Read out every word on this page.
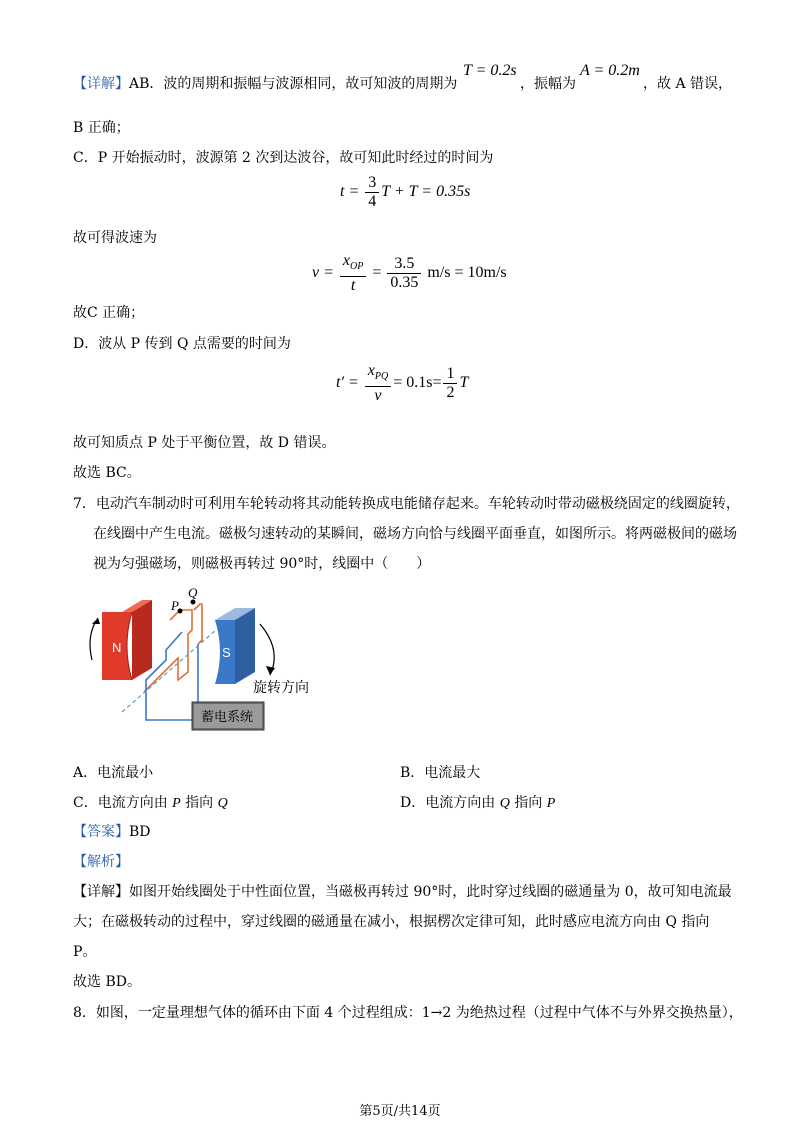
【详解】AB．波的周期和振幅与波源相同，故可知波的周期为
T = 0.2s
，振幅为
A = 0.2m
，故 A 错误，
B 正确；
C．P 开始振动时，波源第 2 次到达波谷，故可知此时经过的时间为
$t = \frac{3}{4}$ T + T = 0.35s
故可得波速为
$v = \frac{x_{OP}}{t} = \frac{3.5}{0.35} m/s = 10m/s$
故C 正确；
D．波从 P 传到 Q 点需要的时间为
$t' = \frac{x_{PQ}}{v} = 0.1s= \frac{1}{2}$ T
故可知质点 P 处于平衡位置，故 D 错误。
故选 BC。
7．电动汽车制动时可利用车轮转动将其动能转换成电能储存起来。车轮转动时带动磁极绕固定的线圈旋转，
在线圈中产生电流。磁极匀速转动的某瞬间，磁场方向恰与线圈平面垂直，如图所示。将两磁极间的磁场
视为匀强磁场，则磁极再转过 90°时，线圈中（　　）
N	S
P
Q
旋转方向
蓄电系统
A．电流最小	B．电流最大
C．电流方向由 P 指向 Q	D．电流方向由 Q 指向 P
【答案】BD
【解析】
【详解】如图开始线圈处于中性面位置，当磁极再转过 90°时，此时穿过线圈的磁通量为 0，故可知电流最
大；在磁极转动的过程中，穿过线圈的磁通量在减小，根据楞次定律可知，此时感应电流方向由 Q 指向
P。
故选 BD。
8．如图，一定量理想气体的循环由下面 4 个过程组成：1→2 为绝热过程（过程中气体不与外界交换热量），
第5页/共14页
